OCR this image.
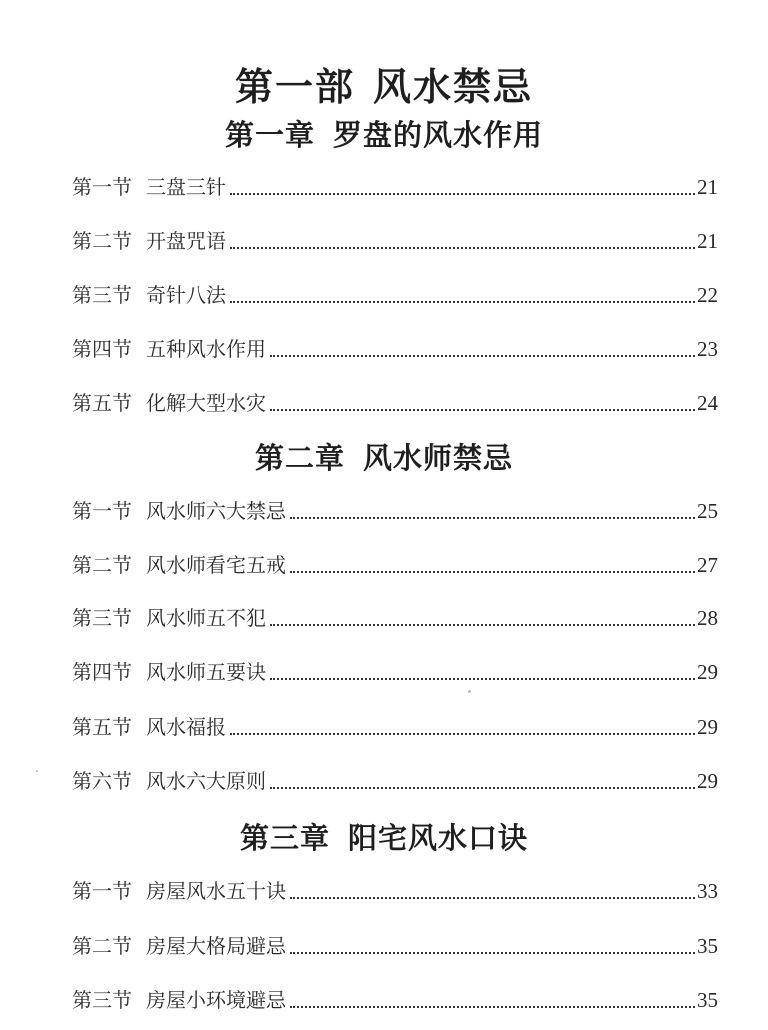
第一部 风水禁忌
第一章 罗盘的风水作用
第一节 三盘三针	21
第二节 开盘咒语	21
第三节 奇针八法	22
第四节 五种风水作用	23
第五节 化解大型水灾	24
第二章 风水师禁忌
第一节 风水师六大禁忌	25
第二节 风水师看宅五戒	27
第三节 风水师五不犯	28
第四节 风水师五要诀	29
第五节 风水福报	29
第六节 风水六大原则	29
第三章 阳宅风水口诀
第一节 房屋风水五十诀	33
第二节 房屋大格局避忌	35
第三节 房屋小环境避忌	35
